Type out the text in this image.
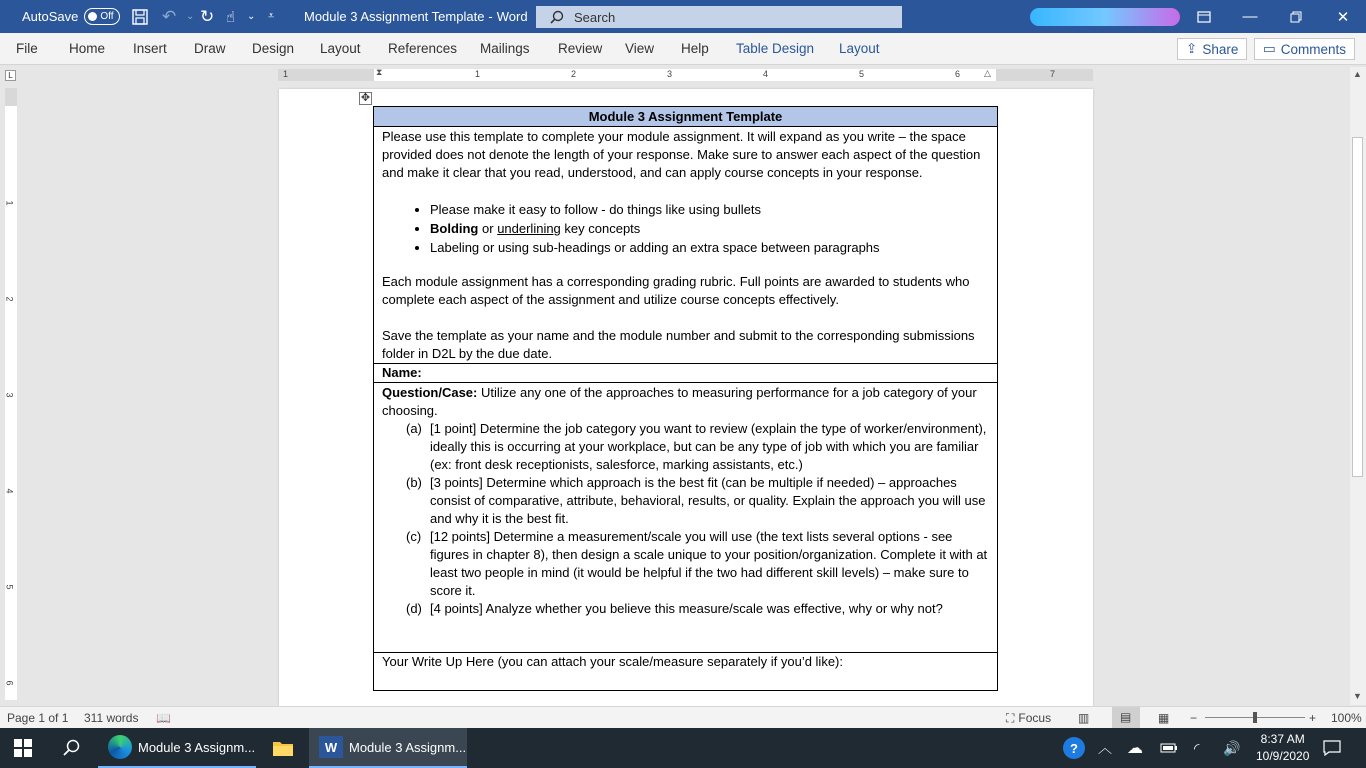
AutoSave Off	↶ ⌄ ↻ ☝ ⌄ ⩡ Module 3 Assignment Template - Word	Search	—	✕
File Home Insert Draw Design Layout References Mailings Review View Help Table Design Layout	⇪ Share ▭ Comments
L	1	1	2	3	4	5	6	7
⧗	△
1
2
3
4
5
6
✥
Module 3 Assignment Template

Please use this template to complete your module assignment. It will expand as you write – the space provided does not denote the length of your response. Make sure to answer each aspect of the question and make it clear that you read, understood, and can apply course concepts in your response.

• Please make it easy to follow - do things like using bullets
• Bolding or underlining key concepts
• Labeling or using sub-headings or adding an extra space between paragraphs

Each module assignment has a corresponding grading rubric. Full points are awarded to students who complete each aspect of the assignment and utilize course concepts effectively.

Save the template as your name and the module number and submit to the corresponding submissions folder in D2L by the due date.

Name:

Question/Case: Utilize any one of the approaches to measuring performance for a job category of your choosing.

(a) [1 point] Determine the job category you want to review (explain the type of worker/environment), ideally this is occurring at your workplace, but can be any type of job with which you are familiar (ex: front desk receptionists, salesforce, marking assistants, etc.)
(b) [3 points] Determine which approach is the best fit (can be multiple if needed) – approaches consist of comparative, attribute, behavioral, results, or quality. Explain the approach you will use and why it is the best fit.
(c) [12 points] Determine a measurement/scale you will use (the text lists several options - see figures in chapter 8), then design a scale unique to your position/organization. Complete it with at least two people in mind (it would be helpful if the two had different skill levels) – make sure to score it.
(d) [4 points] Analyze whether you believe this measure/scale was effective, why or why not?

Your Write Up Here (you can attach your scale/measure separately if you’d like):
▲
▼
Page 1 of 1 311 words 📖	⛶ Focus ▥	▤ ▦ −	+ 100%
Module 3 Assignm...	W Module 3 Assignm...	?	︿ ☁	◜ 🔊
8:37 AM
10/9/2020
